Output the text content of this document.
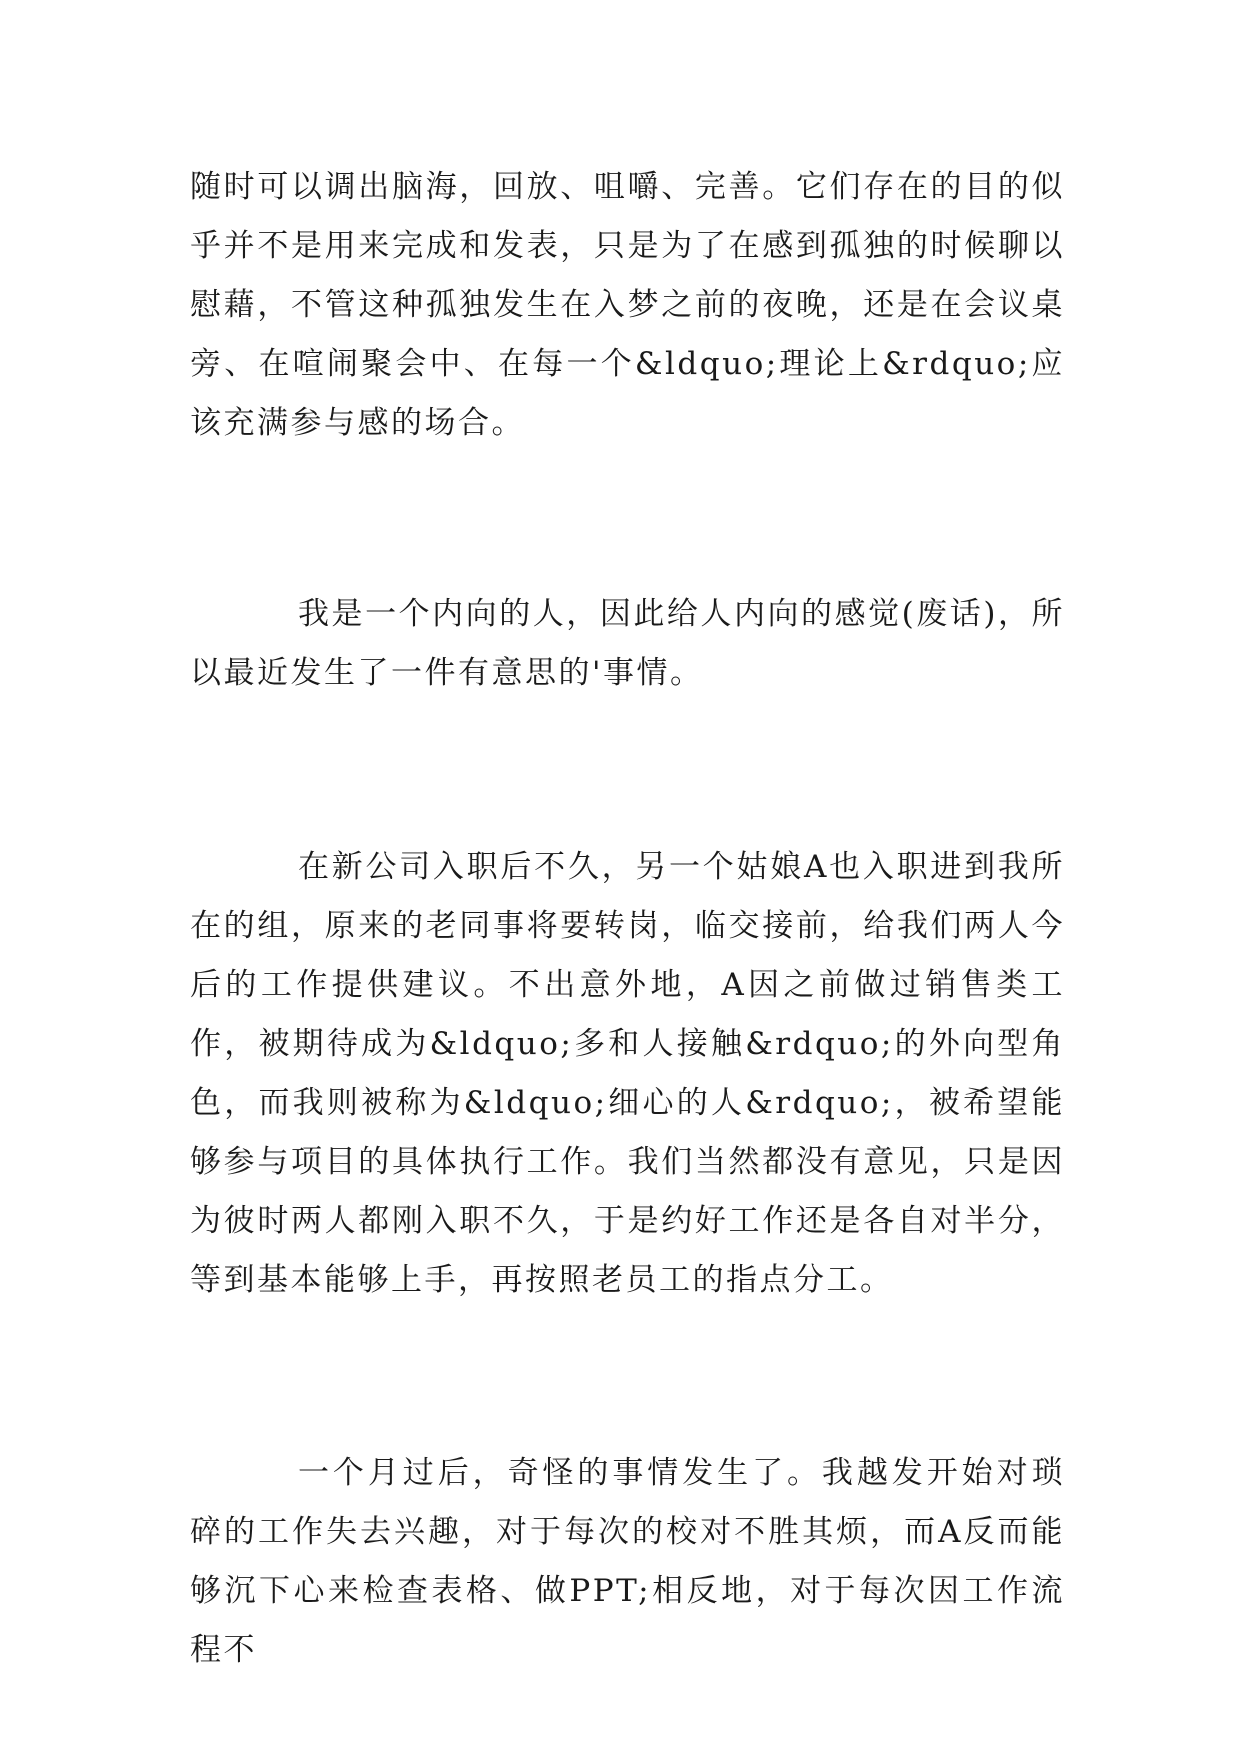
随时可以调出脑海，回放、咀嚼、完善。它们存在的目的似乎并不是用来完成和发表，只是为了在感到孤独的时候聊以慰藉，不管这种孤独发生在入梦之前的夜晚，还是在会议桌旁、在喧闹聚会中、在每一个&ldquo;理论上&rdquo;应该充满参与感的场合。

我是一个内向的人，因此给人内向的感觉(废话)，所以最近发生了一件有意思的'事情。

在新公司入职后不久，另一个姑娘A也入职进到我所在的组，原来的老同事将要转岗，临交接前，给我们两人今后的工作提供建议。不出意外地，A因之前做过销售类工作，被期待成为&ldquo;多和人接触&rdquo;的外向型角色，而我则被称为&ldquo;细心的人&rdquo;，被希望能够参与项目的具体执行工作。我们当然都没有意见，只是因为彼时两人都刚入职不久，于是约好工作还是各自对半分，等到基本能够上手，再按照老员工的指点分工。

一个月过后，奇怪的事情发生了。我越发开始对琐碎的工作失去兴趣，对于每次的校对不胜其烦，而A反而能够沉下心来检查表格、做PPT;相反地，对于每次因工作流程不
